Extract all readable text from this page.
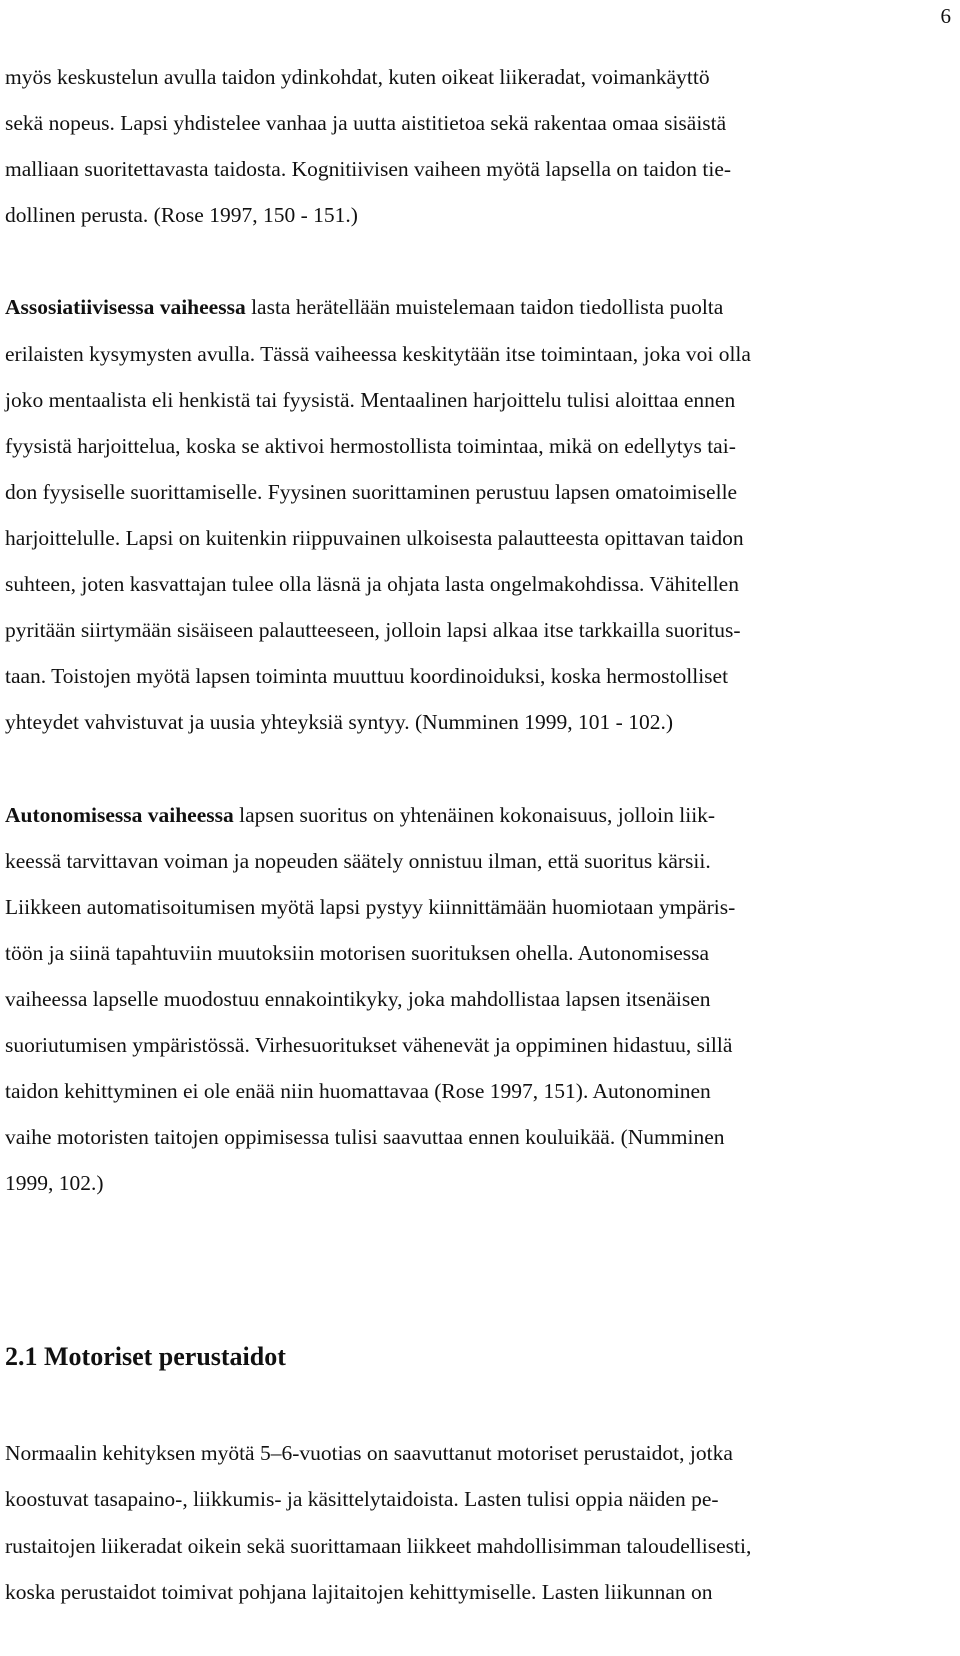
6

myös keskustelun avulla taidon ydinkohdat, kuten oikeat liikeradat, voimankäyttö

sekä nopeus. Lapsi yhdistelee vanhaa ja uutta aistitietoa sekä rakentaa omaa sisäistä

malliaan suoritettavasta taidosta. Kognitiivisen vaiheen myötä lapsella on taidon tie-

dollinen perusta. (Rose 1997, 150 - 151.)

Assosiatiivisessa vaiheessa lasta herätellään muistelemaan taidon tiedollista puolta

erilaisten kysymysten avulla. Tässä vaiheessa keskitytään itse toimintaan, joka voi olla

joko mentaalista eli henkistä tai fyysistä. Mentaalinen harjoittelu tulisi aloittaa ennen

fyysistä harjoittelua, koska se aktivoi hermostollista toimintaa, mikä on edellytys tai-

don fyysiselle suorittamiselle. Fyysinen suorittaminen perustuu lapsen omatoimiselle

harjoittelulle. Lapsi on kuitenkin riippuvainen ulkoisesta palautteesta opittavan taidon

suhteen, joten kasvattajan tulee olla läsnä ja ohjata lasta ongelmakohdissa. Vähitellen

pyritään siirtymään sisäiseen palautteeseen, jolloin lapsi alkaa itse tarkkailla suoritus-

taan. Toistojen myötä lapsen toiminta muuttuu koordinoiduksi, koska hermostolliset

yhteydet vahvistuvat ja uusia yhteyksiä syntyy. (Numminen 1999, 101 - 102.)

Autonomisessa vaiheessa lapsen suoritus on yhtenäinen kokonaisuus, jolloin liik-

keessä tarvittavan voiman ja nopeuden säätely onnistuu ilman, että suoritus kärsii.

Liikkeen automatisoitumisen myötä lapsi pystyy kiinnittämään huomiotaan ympäris-

töön ja siinä tapahtuviin muutoksiin motorisen suorituksen ohella. Autonomisessa

vaiheessa lapselle muodostuu ennakointikyky, joka mahdollistaa lapsen itsenäisen

suoriutumisen ympäristössä. Virhesuoritukset vähenevät ja oppiminen hidastuu, sillä

taidon kehittyminen ei ole enää niin huomattavaa (Rose 1997, 151). Autonominen

vaihe motoristen taitojen oppimisessa tulisi saavuttaa ennen kouluikää. (Numminen

1999, 102.)

2.1 Motoriset perustaidot

Normaalin kehityksen myötä 5–6-vuotias on saavuttanut motoriset perustaidot, jotka

koostuvat tasapaino-, liikkumis- ja käsittelytaidoista. Lasten tulisi oppia näiden pe-

rustaitojen liikeradat oikein sekä suorittamaan liikkeet mahdollisimman taloudellisesti,

koska perustaidot toimivat pohjana lajitaitojen kehittymiselle. Lasten liikunnan on
